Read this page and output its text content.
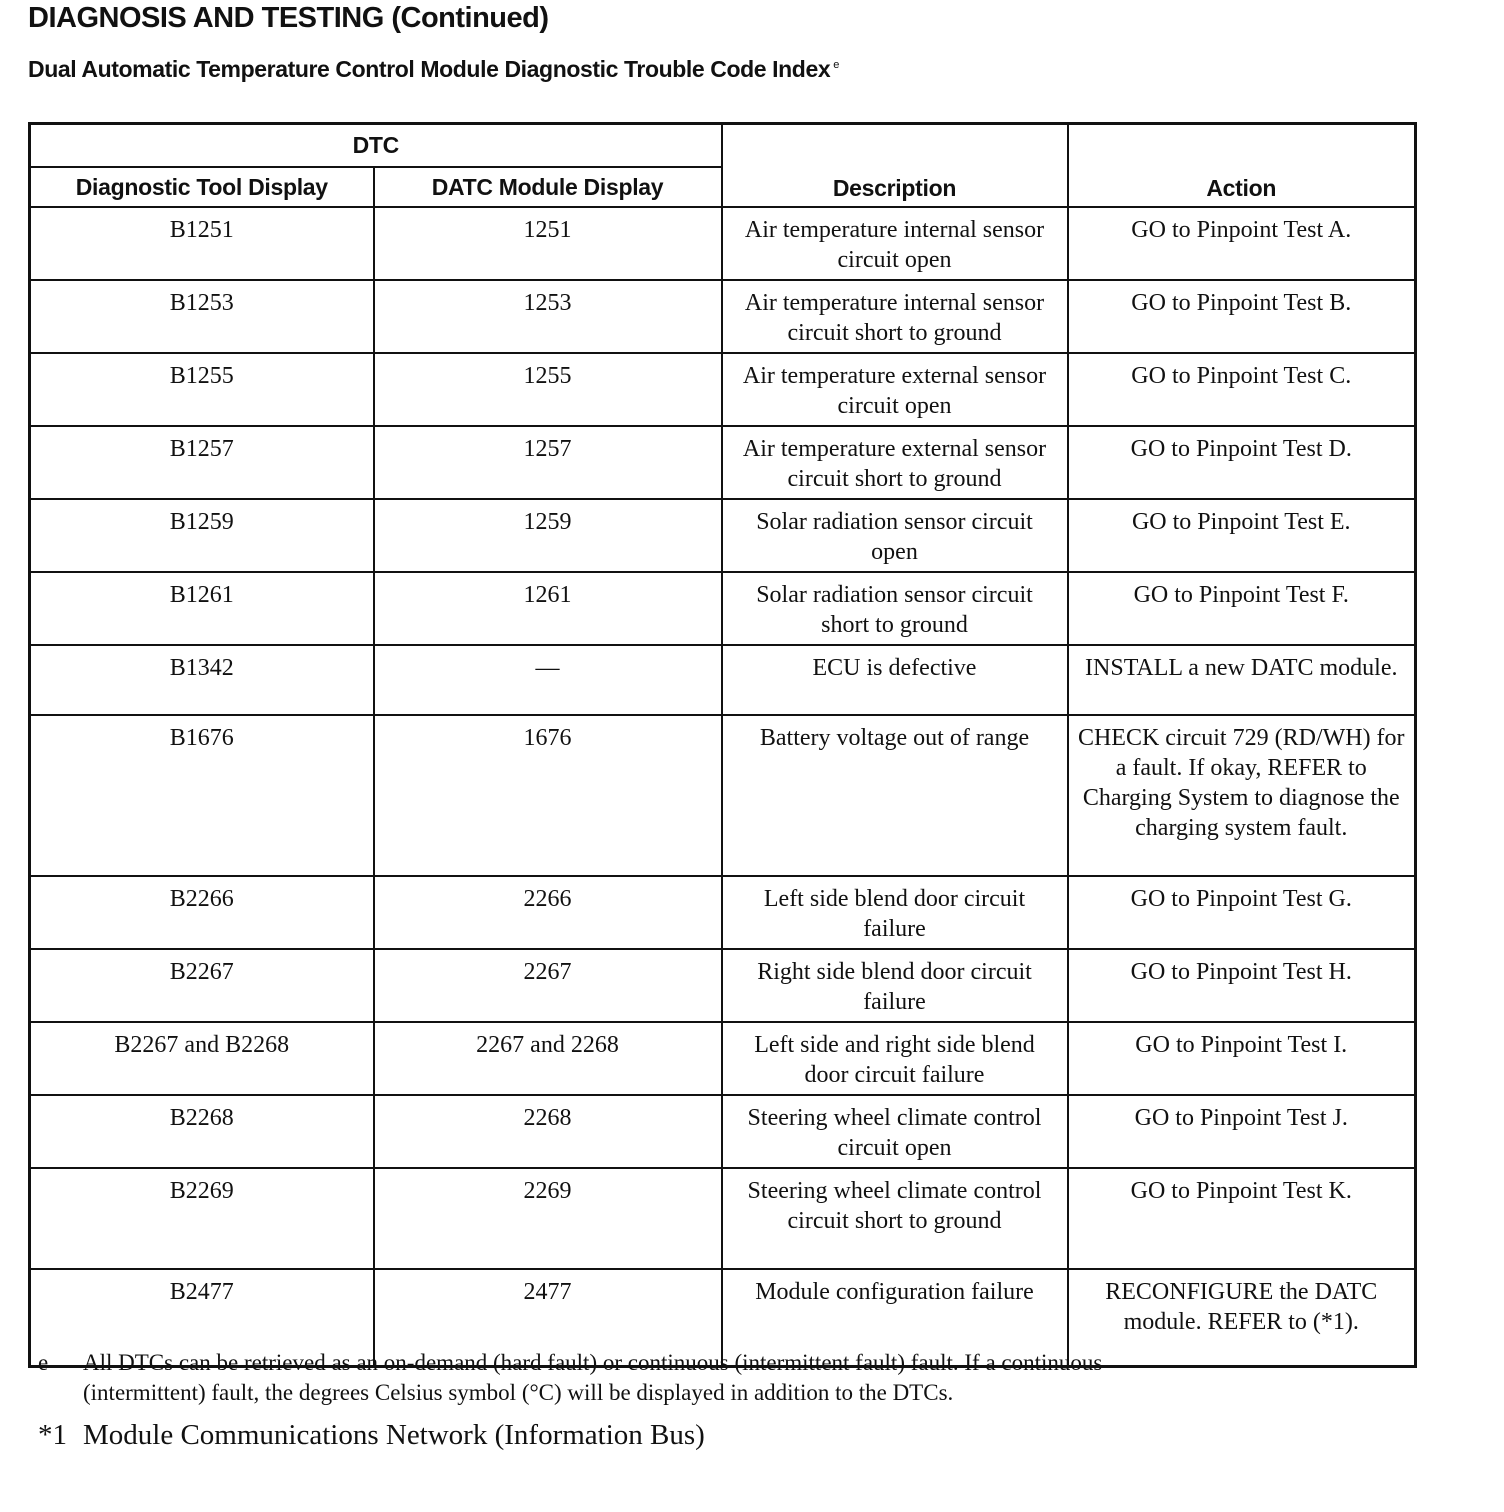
DIAGNOSIS AND TESTING (Continued)
Dual Automatic Temperature Control Module Diagnostic Trouble Code Index $^e$
DTC		Description	Action
Diagnostic Tool Display	DATC Module Display		
B1251	1251	Air temperature internal sensor circuit open	GO to Pinpoint Test A.
B1253	1253	Air temperature internal sensor circuit short to ground	GO to Pinpoint Test B.
B1255	1255	Air temperature external sensor circuit open	GO to Pinpoint Test C.
B1257	1257	Air temperature external sensor circuit short to ground	GO to Pinpoint Test D.
B1259	1259	Solar radiation sensor circuit open	GO to Pinpoint Test E.
B1261	1261	Solar radiation sensor circuit short to ground	GO to Pinpoint Test F.
B1342	—	ECU is defective	INSTALL a new DATC module.
B1676	1676	Battery voltage out of range	CHECK circuit 729 (RD/WH) for a fault. If okay, REFER to Charging System to diagnose the charging system fault.
B2266	2266	Left side blend door circuit failure	GO to Pinpoint Test G.
B2267	2267	Right side blend door circuit failure	GO to Pinpoint Test H.
B2267 and B2268	2267 and 2268	Left side and right side blend door circuit failure	GO to Pinpoint Test I.
B2268	2268	Steering wheel climate control circuit open	GO to Pinpoint Test J.
B2269	2269	Steering wheel climate control circuit short to ground	GO to Pinpoint Test K.
B2477	2477	Module configuration failure	RECONFIGURE the DATC module. REFER to (*1).
e	All DTCs can be retrieved as an on-demand (hard fault) or continuous (intermittent fault) fault. If a continuous (intermittent) fault, the degrees Celsius symbol (°C) will be displayed in addition to the DTCs.
*1 Module Communications Network (Information Bus)
